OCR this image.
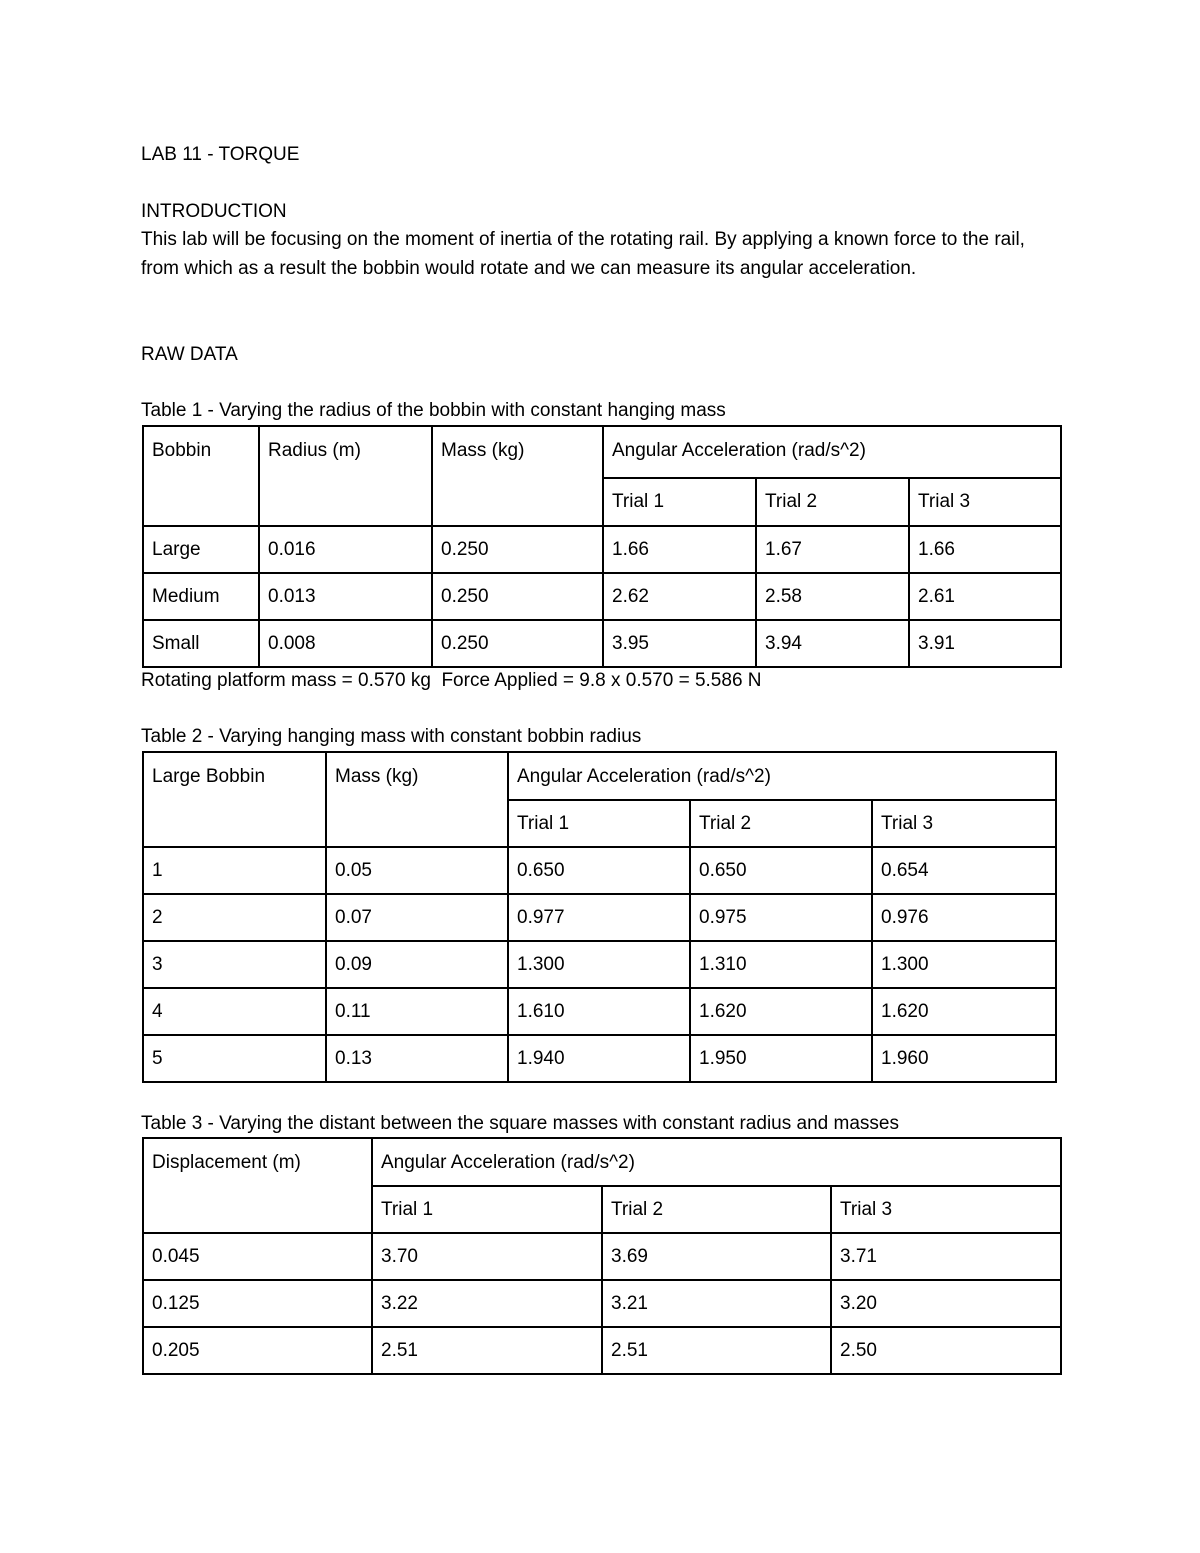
LAB 11 - TORQUE
INTRODUCTION
This lab will be focusing on the moment of inertia of the rotating rail. By applying a known force to the rail, from which as a result the bobbin would rotate and we can measure its angular acceleration.
RAW DATA
Table 1 - Varying the radius of the bobbin with constant hanging mass
Bobbin	Radius (m)	Mass (kg)	Angular Acceleration (rad/s^2)		
			Trial 1	Trial 2	Trial 3
Large	0.016	0.250	1.66	1.67	1.66
Medium	0.013	0.250	2.62	2.58	2.61
Small	0.008	0.250	3.95	3.94	3.91
Rotating platform mass = 0.570 kg  Force Applied = 9.8 x 0.570 = 5.586 N
Table 2 - Varying hanging mass with constant bobbin radius
Large Bobbin	Mass (kg)	Angular Acceleration (rad/s^2)		
		Trial 1	Trial 2	Trial 3
1	0.05	0.650	0.650	0.654
2	0.07	0.977	0.975	0.976
3	0.09	1.300	1.310	1.300
4	0.11	1.610	1.620	1.620
5	0.13	1.940	1.950	1.960
Table 3 - Varying the distant between the square masses with constant radius and masses
Displacement (m)	Angular Acceleration (rad/s^2)		
	Trial 1	Trial 2	Trial 3
0.045	3.70	3.69	3.71
0.125	3.22	3.21	3.20
0.205	2.51	2.51	2.50
